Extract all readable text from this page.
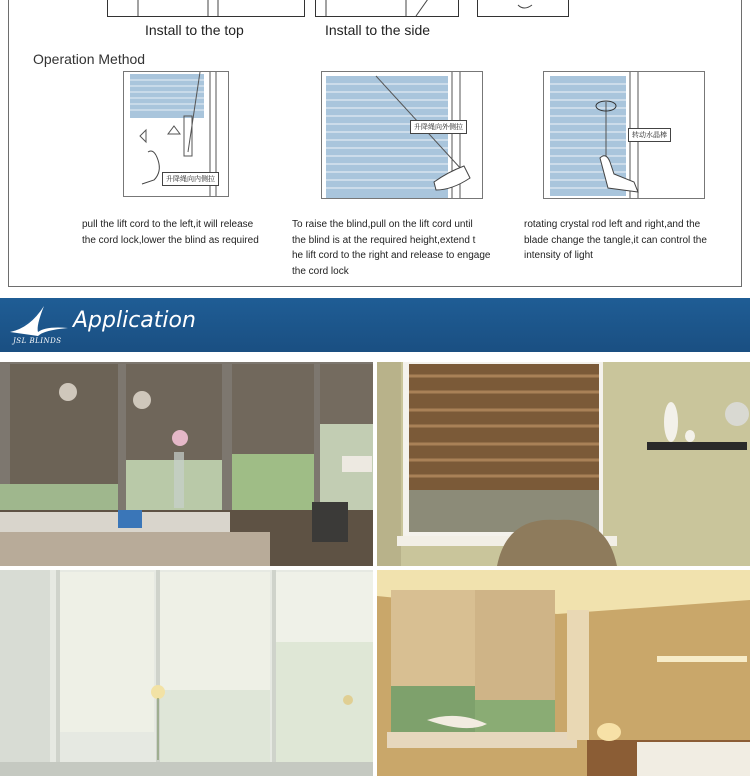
Install to the top	Install to the side
Operation Method
升降绳向内侧拉
升降绳向外侧拉
转动水晶棒
pull the lift cord to the left,it will release
the cord lock,lower the blind as required
To raise the blind,pull on the lift cord until
the blind is at the required height,extend t
he lift cord to the right and release to engage
the cord lock
rotating crystal rod left and right,and the
blade change the tangle,it can control the
intensity of light
JSL BLINDS
Application
